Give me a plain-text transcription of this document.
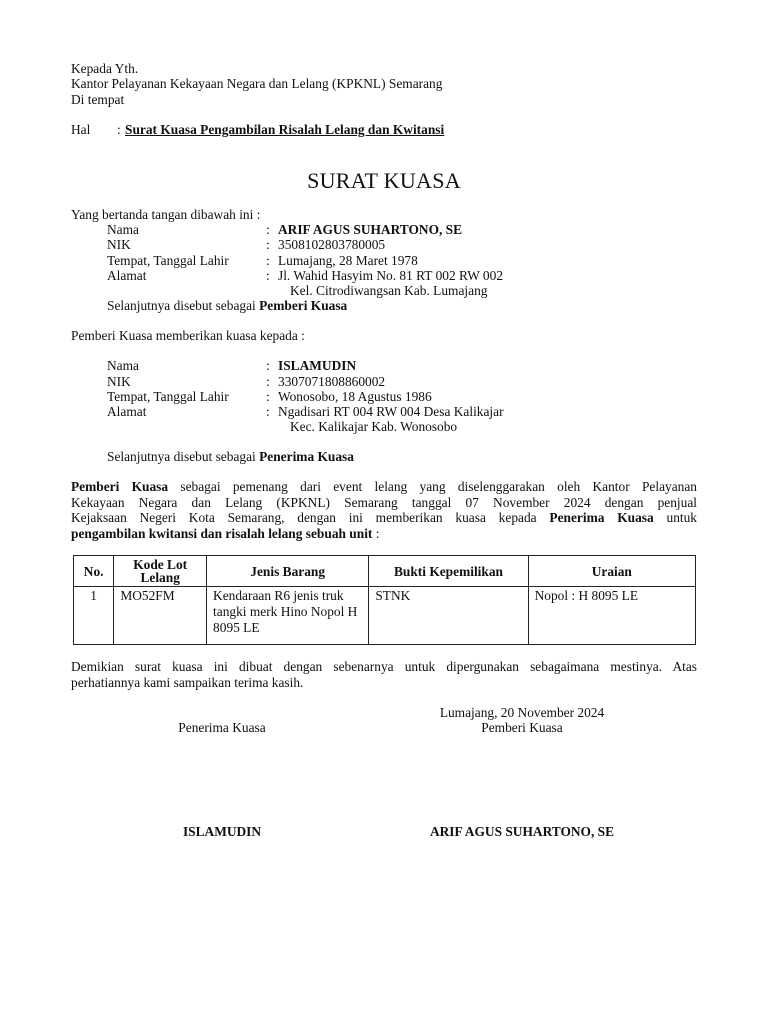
Kepada Yth.
Kantor Pelayanan Kekayaan Negara dan Lelang (KPKNL) Semarang
Di tempat
Hal : Surat Kuasa Pengambilan Risalah Lelang dan Kwitansi
SURAT KUASA
Yang bertanda tangan dibawah ini :
Nama	: ARIF AGUS SUHARTONO, SE
NIK	: 3508102803780005
Tempat, Tanggal Lahir	: Lumajang, 28 Maret 1978
Alamat	: Jl. Wahid Hasyim No. 81 RT 002 RW 002
Kel. Citrodiwangsan Kab. Lumajang
Selanjutnya disebut sebagai Pemberi Kuasa
Pemberi Kuasa memberikan kuasa kepada :
Nama	: ISLAMUDIN
NIK	: 3307071808860002
Tempat, Tanggal Lahir	: Wonosobo, 18 Agustus 1986
Alamat	: Ngadisari RT 004 RW 004 Desa Kalikajar
Kec. Kalikajar Kab. Wonosobo
Selanjutnya disebut sebagai Penerima Kuasa
Pemberi Kuasa sebagai pemenang dari event lelang yang diselenggarakan oleh Kantor Pelayanan
Kekayaan Negara dan Lelang (KPKNL) Semarang tanggal 07 November 2024 dengan penjual
Kejaksaan Negeri Kota Semarang, dengan ini memberikan kuasa kepada Penerima Kuasa untuk
pengambilan kwitansi dan risalah lelang sebuah unit :
No.	Kode Lot Lelang	Jenis Barang	Bukti Kepemilikan	Uraian
1	MO52FM	Kendaraan R6 jenis truk tangki merk Hino Nopol H 8095 LE	STNK	Nopol : H 8095 LE
Demikian surat kuasa ini dibuat dengan sebenarnya untuk dipergunakan sebagaimana mestinya. Atas
perhatiannya kami sampaikan terima kasih.
Lumajang, 20 November 2024
Penerima Kuasa	Pemberi Kuasa
ISLAMUDIN	ARIF AGUS SUHARTONO, SE
